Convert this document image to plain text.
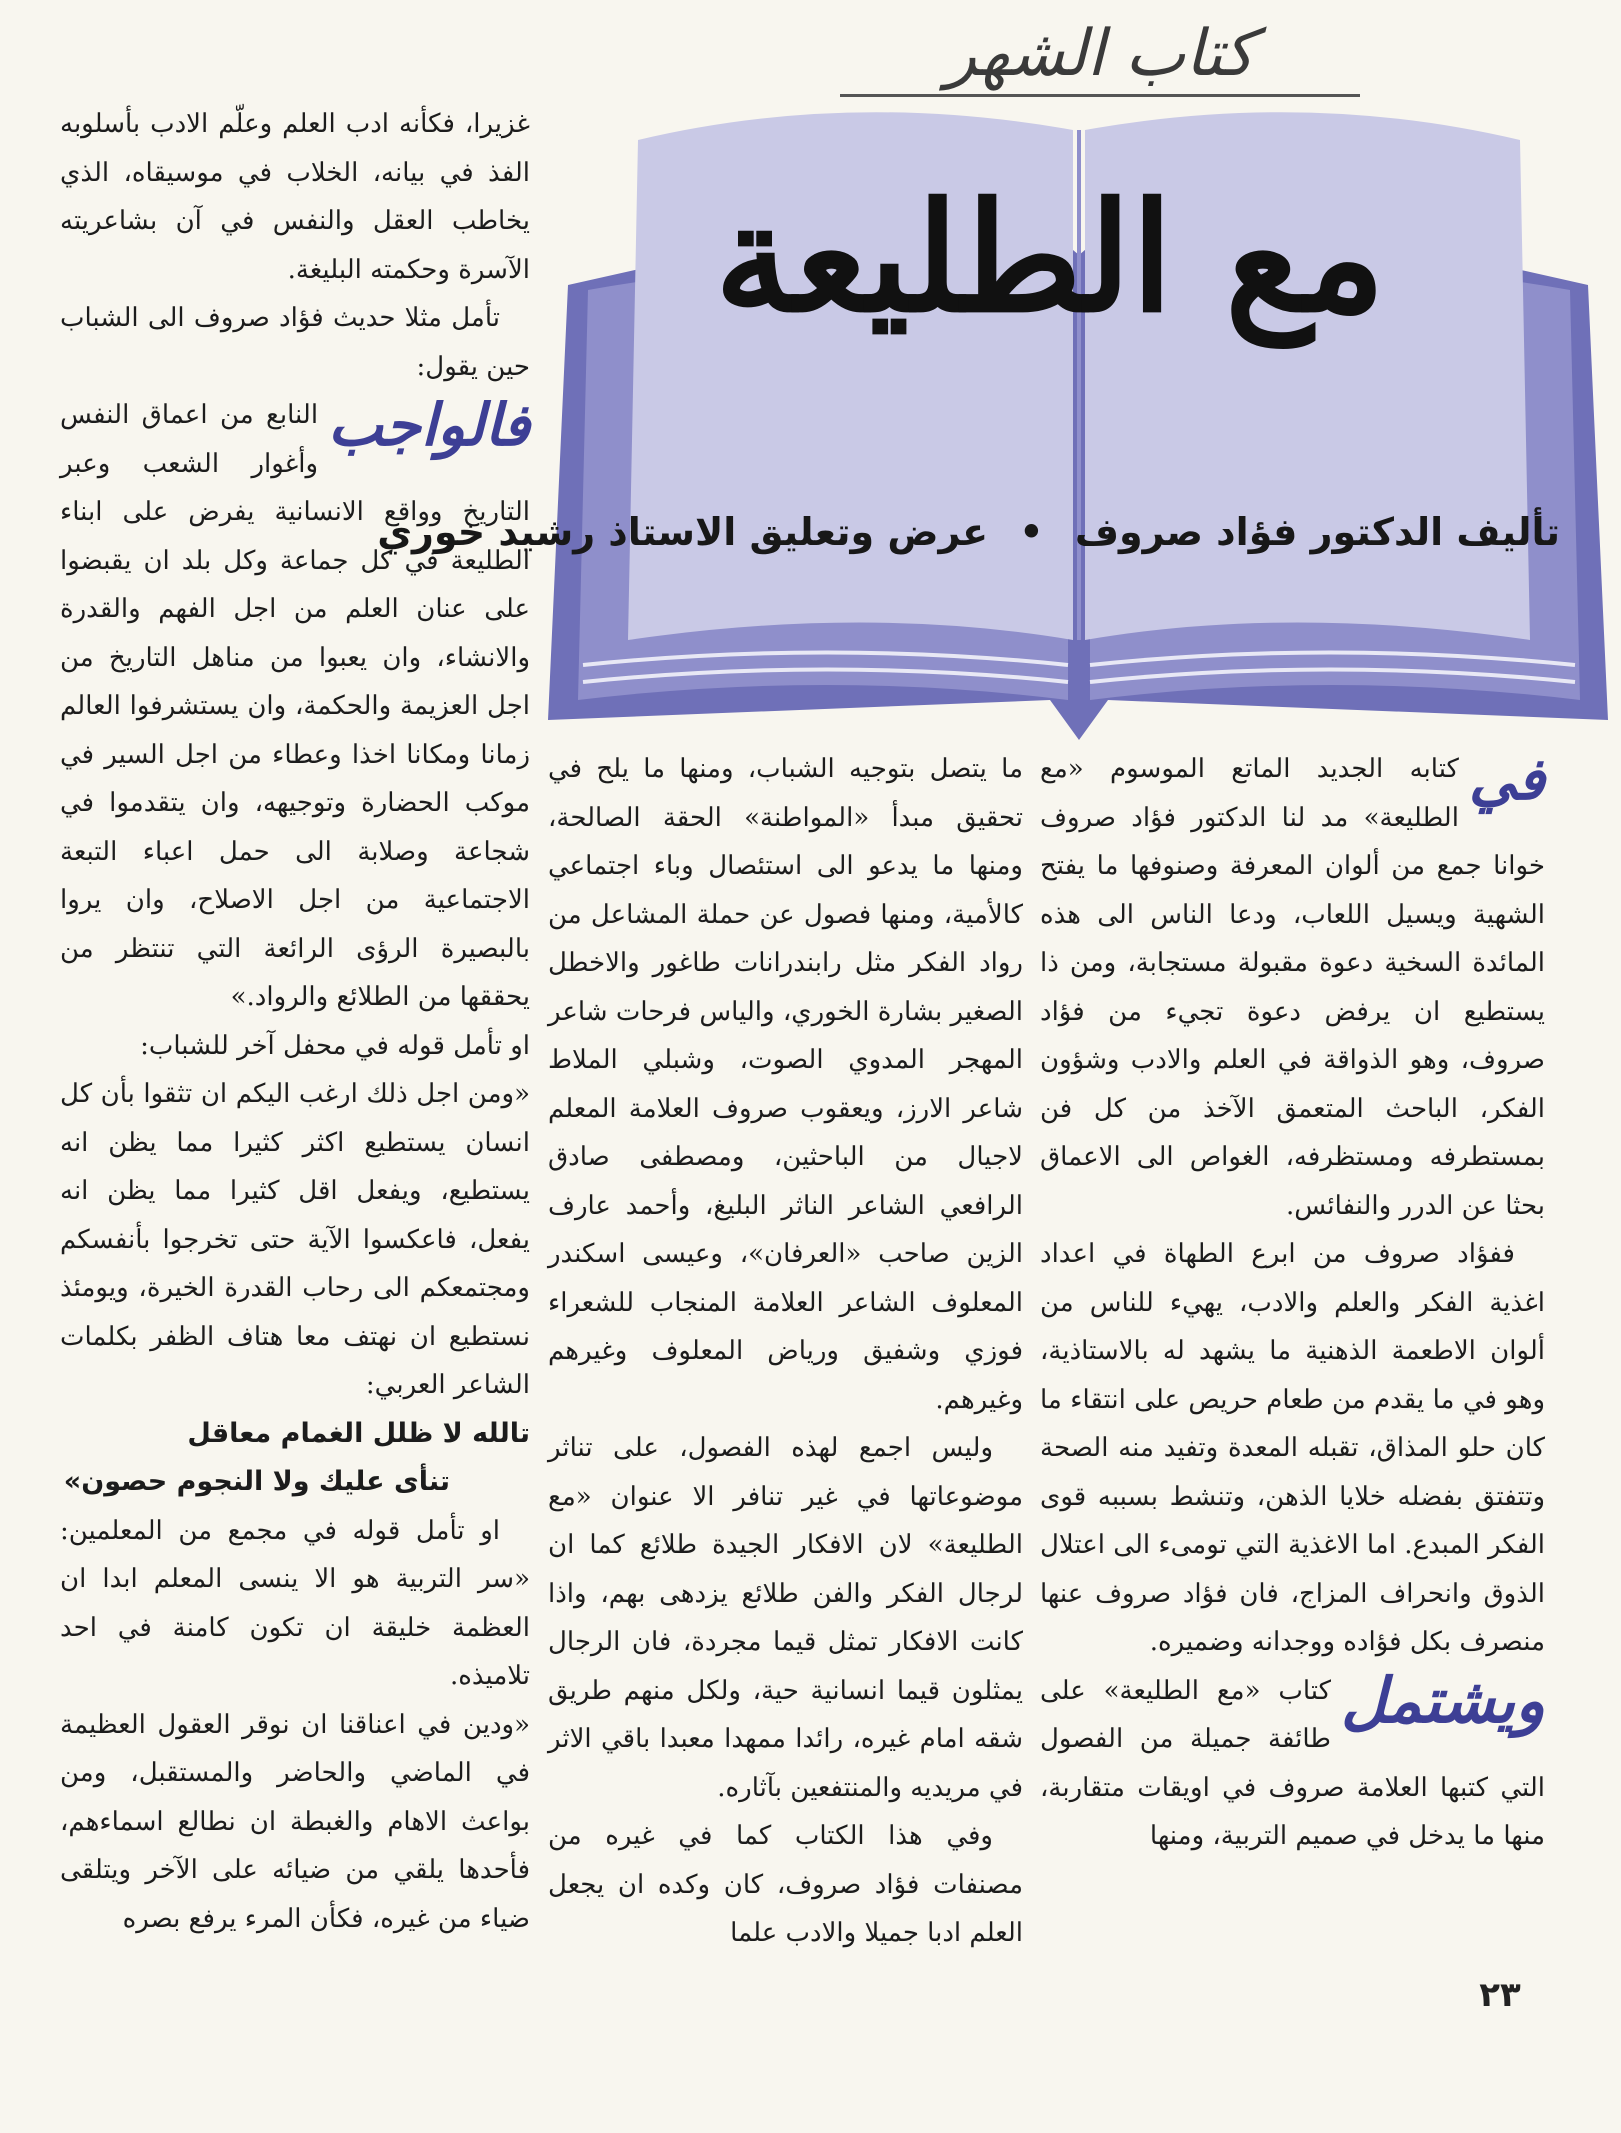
كتاب الشهر
مع الطليعة
تأليف الدكتور فؤاد صروف • عرض وتعليق الاستاذ رشيد خوري

في
كتابه الجديد الماتع الموسوم «مع الطليعة» مد لنا الدكتور فؤاد صروف خوانا جمع من ألوان المعرفة وصنوفها ما يفتح الشهية ويسيل اللعاب، ودعا الناس الى هذه المائدة السخية دعوة مقبولة مستجابة، ومن ذا يستطيع ان يرفض دعوة تجيء من فؤاد صروف، وهو الذواقة في العلم والادب وشؤون الفكر، الباحث المتعمق الآخذ من كل فن بمستطرفه ومستظرفه، الغواص الى الاعماق بحثا عن الدرر والنفائس.

ففؤاد صروف من ابرع الطهاة في اعداد اغذية الفكر والعلم والادب، يهيء للناس من ألوان الاطعمة الذهنية ما يشهد له بالاستاذية، وهو في ما يقدم من طعام حريص على انتقاء ما كان حلو المذاق، تقبله المعدة وتفيد منه الصحة وتتفتق بفضله خلايا الذهن، وتنشط بسببه قوى الفكر المبدع. اما الاغذية التي تومىء الى اعتلال الذوق وانحراف المزاج، فان فؤاد صروف عنها منصرف بكل فؤاده ووجدانه وضميره.

ويشتمل
كتاب «مع الطليعة» على طائفة جميلة من الفصول التي كتبها العلامة صروف في اويقات متقاربة، منها ما يدخل في صميم التربية، ومنها

ما يتصل بتوجيه الشباب، ومنها ما يلح في تحقيق مبدأ «المواطنة» الحقة الصالحة، ومنها ما يدعو الى استئصال وباء اجتماعي كالأمية، ومنها فصول عن حملة المشاعل من رواد الفكر مثل رابندرانات طاغور والاخطل الصغير بشارة الخوري، والياس فرحات شاعر المهجر المدوي الصوت، وشبلي الملاط شاعر الارز، ويعقوب صروف العلامة المعلم لاجيال من الباحثين، ومصطفى صادق الرافعي الشاعر الناثر البليغ، وأحمد عارف الزين صاحب «العرفان»، وعيسى اسكندر المعلوف الشاعر العلامة المنجاب للشعراء فوزي وشفيق ورياض المعلوف وغيرهم وغيرهم.

وليس اجمع لهذه الفصول، على تناثر موضوعاتها في غير تنافر الا عنوان «مع الطليعة» لان الافكار الجيدة طلائع كما ان لرجال الفكر والفن طلائع يزدهى بهم، واذا كانت الافكار تمثل قيما مجردة، فان الرجال يمثلون قيما انسانية حية، ولكل منهم طريق شقه امام غيره، رائدا ممهدا معبدا باقي الاثر في مريديه والمنتفعين بآثاره.

وفي هذا الكتاب كما في غيره من مصنفات فؤاد صروف، كان وكده ان يجعل العلم ادبا جميلا والادب علما

غزيرا، فكأنه ادب العلم وعلّم الادب بأسلوبه الفذ في بيانه، الخلاب في موسيقاه، الذي يخاطب العقل والنفس في آن بشاعريته الآسرة وحكمته البليغة.

تأمل مثلا حديث فؤاد صروف الى الشباب حين يقول:

فالواجب
النابع من اعماق النفس وأغوار الشعب وعبر التاريخ وواقع الانسانية يفرض على ابناء الطليعة في كل جماعة وكل بلد ان يقبضوا على عنان العلم من اجل الفهم والقدرة والانشاء، وان يعبوا من مناهل التاريخ من اجل العزيمة والحكمة، وان يستشرفوا العالم زمانا ومكانا اخذا وعطاء من اجل السير في موكب الحضارة وتوجيهه، وان يتقدموا في شجاعة وصلابة الى حمل اعباء التبعة الاجتماعية من اجل الاصلاح، وان يروا بالبصيرة الرؤى الرائعة التي تنتظر من يحققها من الطلائع والرواد.»

او تأمل قوله في محفل آخر للشباب:

«ومن اجل ذلك ارغب اليكم ان تثقوا بأن كل انسان يستطيع اكثر كثيرا مما يظن انه يستطيع، ويفعل اقل كثيرا مما يظن انه يفعل، فاعكسوا الآية حتى تخرجوا بأنفسكم ومجتمعكم الى رحاب القدرة الخيرة، ويومئذ نستطيع ان نهتف معا هتاف الظفر بكلمات الشاعر العربي:

تالله لا ظلل الغمام معاقل
تنأى عليك ولا النجوم حصون»

او تأمل قوله في مجمع من المعلمين: «سر التربية هو الا ينسى المعلم ابدا ان العظمة خليقة ان تكون كامنة في احد تلاميذه.

«ودين في اعناقنا ان نوقر العقول العظيمة في الماضي والحاضر والمستقبل، ومن بواعث الاهام والغبطة ان نطالع اسماءهم، فأحدها يلقي من ضيائه على الآخر ويتلقى ضياء من غيره، فكأن المرء يرفع بصره

٢٣
